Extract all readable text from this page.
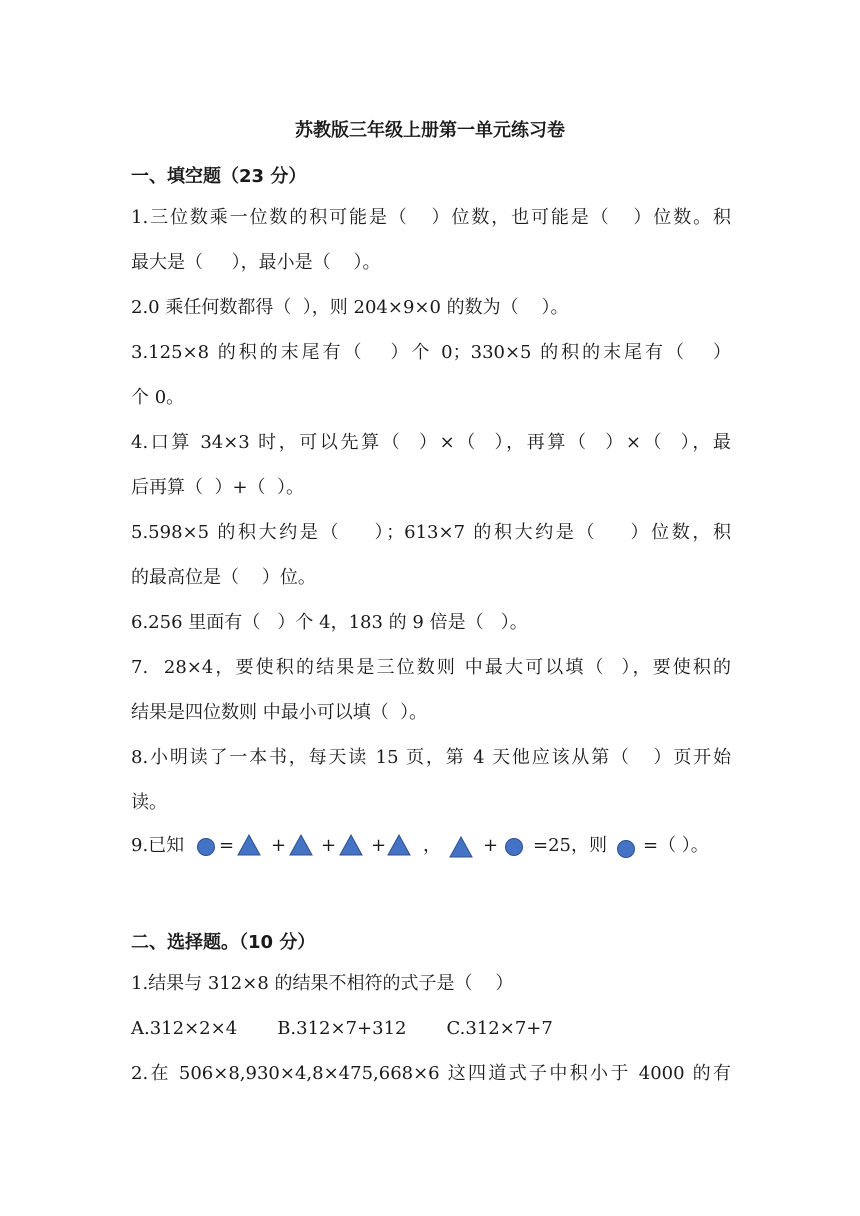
苏教版三年级上册第一单元练习卷
一、填空题（23 分）
1.三位数乘一位数的积可能是（   ）位数，也可能是（   ）位数。积
最大是（     ），最小是（    ）。
2.0 乘任何数都得（  ），则 204×9×0 的数为（    ）。
3.125×8 的积的末尾有（   ）个 0；330×5 的积的末尾有（   ）
个 0。
4.口算 34×3 时，可以先算（  ）×（  ），再算（  ）×（  ），最
后再算（  ）+（  ）。
5.598×5 的积大约是（    ）；613×7 的积大约是（    ）位数，积
的最高位是（    ）位。
6.256 里面有（   ）个 4，183 的 9 倍是（   ）。
7.  28×4，要使积的结果是三位数则 中最大可以填（  ），要使积的
结果是四位数则 中最小可以填（  ）。
8.小明读了一本书，每天读 15 页，第 4 天他应该从第（   ）页开始
读。
9.已知 = + + + ， + =25，则 =（ ）。
二、选择题。（10 分）
1.结果与 312×8 的结果不相符的式子是（    ）
A.312×2×4       B.312×7+312       C.312×7+7
2.在 506×8,930×4,8×475,668×6 这四道式子中积小于 4000 的有
